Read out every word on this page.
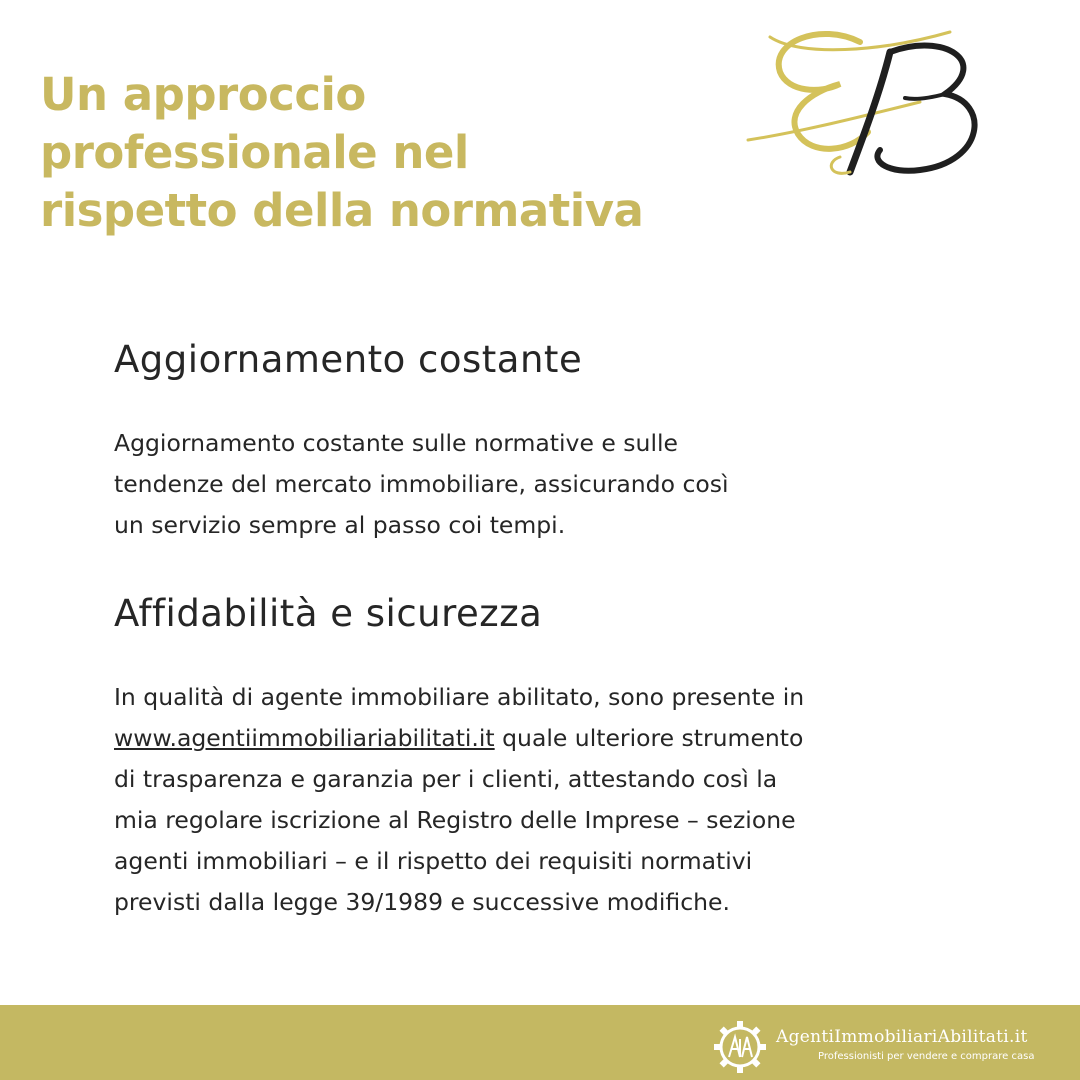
Un approccio
professionale nel
rispetto della normativa
Aggiornamento costante

Aggiornamento costante sulle normative e sulle
tendenze del mercato immobiliare, assicurando così
un servizio sempre al passo coi tempi.

Affidabilità e sicurezza

In qualità di agente immobiliare abilitato, sono presente in
www.agentiimmobiliariabilitati.it quale ulteriore strumento
di trasparenza e garanzia per i clienti, attestando così la
mia regolare iscrizione al Registro delle Imprese – sezione
agenti immobiliari – e il rispetto dei requisiti normativi
previsti dalla legge 39/1989 e successive modifiche.

AgentiImmobiliariAbilitati.it

Professionisti per vendere e comprare casa
